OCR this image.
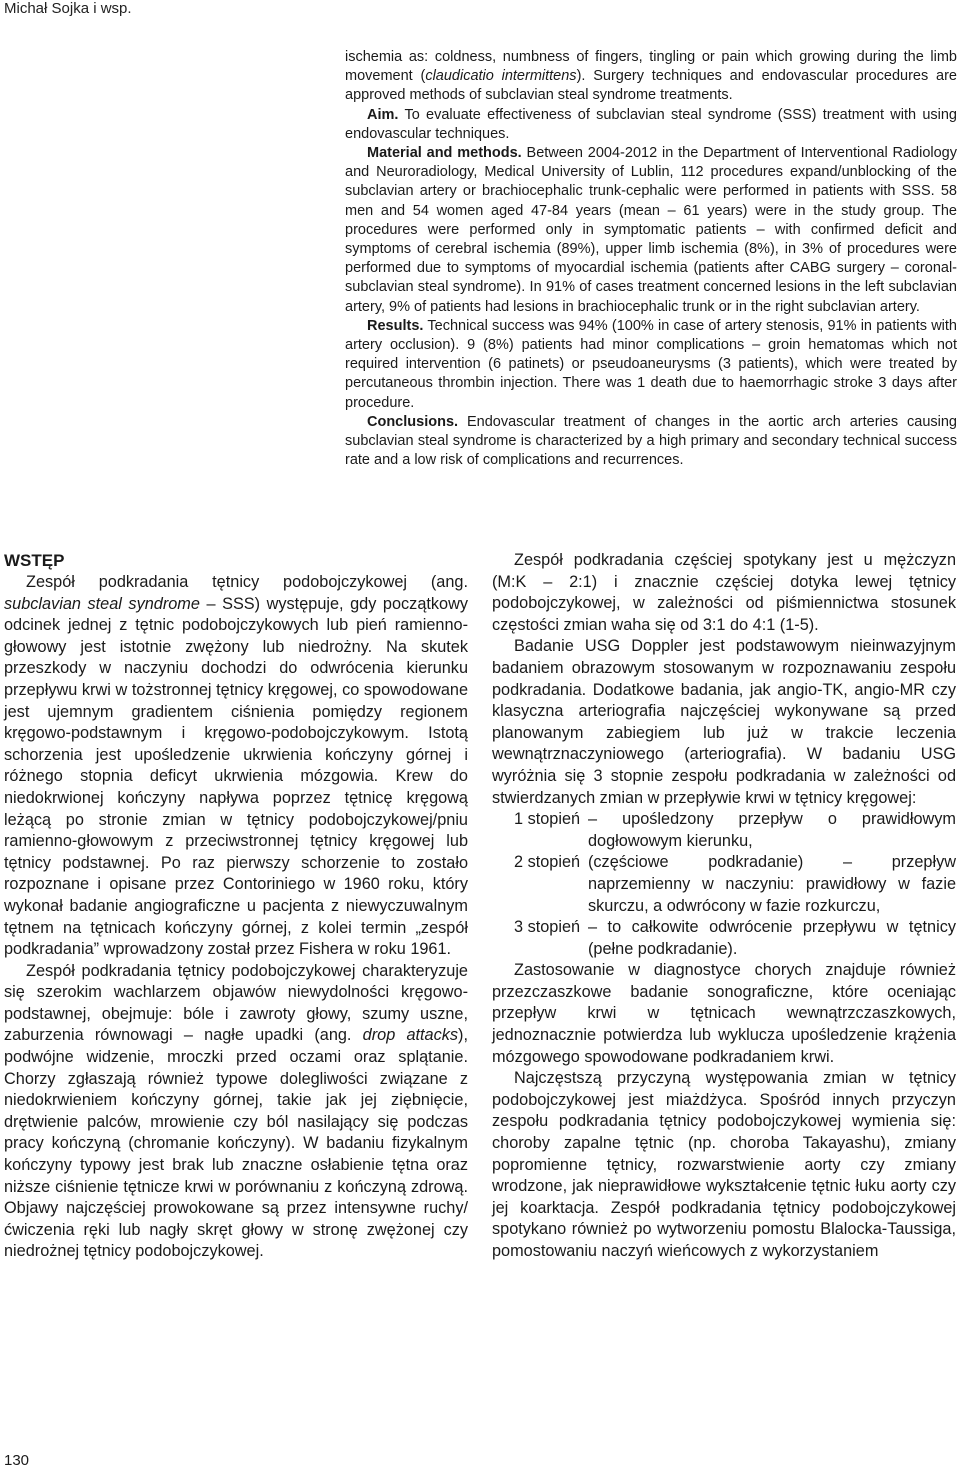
Michał Sojka i wsp.

ischemia as: coldness, numbness of fingers, tingling or pain which growing during the limb movement (claudicatio intermittens). Surgery techniques and endovascular procedures are approved methods of subclavian steal syndrome treatments.

Aim. To evaluate effectiveness of subclavian steal syndrome (SSS) treatment with using endovascular techniques.

Material and methods. Between 2004-2012 in the Department of Interventional Radiology and Neuroradiology, Medical University of Lublin, 112 procedures expand/unblocking of the subclavian artery or brachiocephalic trunk-cephalic were performed in patients with SSS. 58 men and 54 women aged 47-84 years (mean – 61 years) were in the study group. The procedures were performed only in symptomatic patients – with confirmed deficit and symptoms of cerebral ischemia (89%), upper limb ischemia (8%), in 3% of procedures were performed due to symptoms of myocardial ischemia (patients after CABG surgery – coronal-subclavian steal syndrome). In 91% of cases treatment concerned lesions in the left subclavian artery, 9% of patients had lesions in brachiocephalic trunk or in the right subclavian artery.

Results. Technical success was 94% (100% in case of artery stenosis, 91% in patients with artery occlusion). 9 (8%) patients had minor complications – groin hematomas which not required intervention (6 patinets) or pseudoaneurysms (3 patients), which were treated by percutaneous thrombin injection. There was 1 death due to haemorrhagic stroke 3 days after procedure.

Conclusions. Endovascular treatment of changes in the aortic arch arteries causing subclavian steal syndrome is characterized by a high primary and secondary technical success rate and a low risk of complications and recurrences.

WSTĘP

Zespół podkradania tętnicy podobojczykowej (ang. subclavian steal syndrome – SSS) występuje, gdy początkowy odcinek jednej z tętnic podobojczykowych lub pień ramienno-głowowy jest istotnie zwężony lub niedrożny. Na skutek przeszkody w naczyniu dochodzi do odwrócenia kierunku przepływu krwi w tożstronnej tętnicy kręgowej, co spowodowane jest ujemnym gradientem ciśnienia pomiędzy regionem kręgowo-podstawnym i kręgowo-podobojczykowym. Istotą schorzenia jest upośledzenie ukrwienia kończyny górnej i różnego stopnia deficyt ukrwienia mózgowia. Krew do niedokrwionej kończyny napływa poprzez tętnicę kręgową leżącą po stronie zmian w tętnicy podobojczykowej/pniu ramienno-głowowym z przeciwstronnej tętnicy kręgowej lub tętnicy podstawnej. Po raz pierwszy schorzenie to zostało rozpoznane i opisane przez Contoriniego w 1960 roku, który wykonał badanie angiograficzne u pacjenta z niewyczuwalnym tętnem na tętnicach kończyny górnej, z kolei termin „zespół podkradania” wprowadzony został przez Fishera w roku 1961.

Zespół podkradania tętnicy podobojczykowej charakteryzuje się szerokim wachlarzem objawów niewydolności kręgowo-podstawnej, obejmuje: bóle i zawroty głowy, szumy uszne, zaburzenia równowagi – nagłe upadki (ang. drop attacks), podwójne widzenie, mroczki przed oczami oraz splątanie. Chorzy zgłaszają również typowe dolegliwości związane z niedokrwieniem kończyny górnej, takie jak jej ziębnięcie, drętwienie palców, mrowienie czy ból nasilający się podczas pracy kończyną (chromanie kończyny). W badaniu fizykalnym kończyny typowy jest brak lub znaczne osłabienie tętna oraz niższe ciśnienie tętnicze krwi w porównaniu z kończyną zdrową. Objawy najczęściej prowokowane są przez intensywne ruchy/ćwiczenia ręki lub nagły skręt głowy w stronę zwężonej czy niedrożnej tętnicy podobojczykowej.

Zespół podkradania częściej spotykany jest u mężczyzn (M:K – 2:1) i znacznie częściej dotyka lewej tętnicy podobojczykowej, w zależności od piśmiennictwa stosunek częstości zmian waha się od 3:1 do 4:1 (1-5).

Badanie USG Doppler jest podstawowym nieinwazyjnym badaniem obrazowym stosowanym w rozpoznawaniu zespołu podkradania. Dodatkowe badania, jak angio-TK, angio-MR czy klasyczna arteriografia najczęściej wykonywane są przed planowanym zabiegiem lub już w trakcie leczenia wewnątrznaczyniowego (arteriografia). W badaniu USG wyróżnia się 3 stopnie zespołu podkradania w zależności od stwierdzanych zmian w przepływie krwi w tętnicy kręgowej:

1 stopień – upośledzony przepływ o prawidłowym dogłowowym kierunku,
2 stopień (częściowe podkradanie) – przepływ naprzemienny w naczyniu: prawidłowy w fazie skurczu, a odwrócony w fazie rozkurczu,
3 stopień – to całkowite odwrócenie przepływu w tętnicy (pełne podkradanie).

Zastosowanie w diagnostyce chorych znajduje również przezczaszkowe badanie sonograficzne, które oceniając przepływ krwi w tętnicach wewnątrzczaszkowych, jednoznacznie potwierdza lub wyklucza upośledzenie krążenia mózgowego spowodowane podkradaniem krwi.

Najczęstszą przyczyną występowania zmian w tętnicy podobojczykowej jest miażdżyca. Spośród innych przyczyn zespołu podkradania tętnicy podobojczykowej wymienia się: choroby zapalne tętnic (np. choroba Takayashu), zmiany popromienne tętnicy, rozwarstwienie aorty czy zmiany wrodzone, jak nieprawidłowe wykształcenie tętnic łuku aorty czy jej koarktacja. Zespół podkradania tętnicy podobojczykowej spotykano również po wytworzeniu pomostu Blalocka-Taussiga, pomostowaniu naczyń wieńcowych z wykorzystaniem

130
